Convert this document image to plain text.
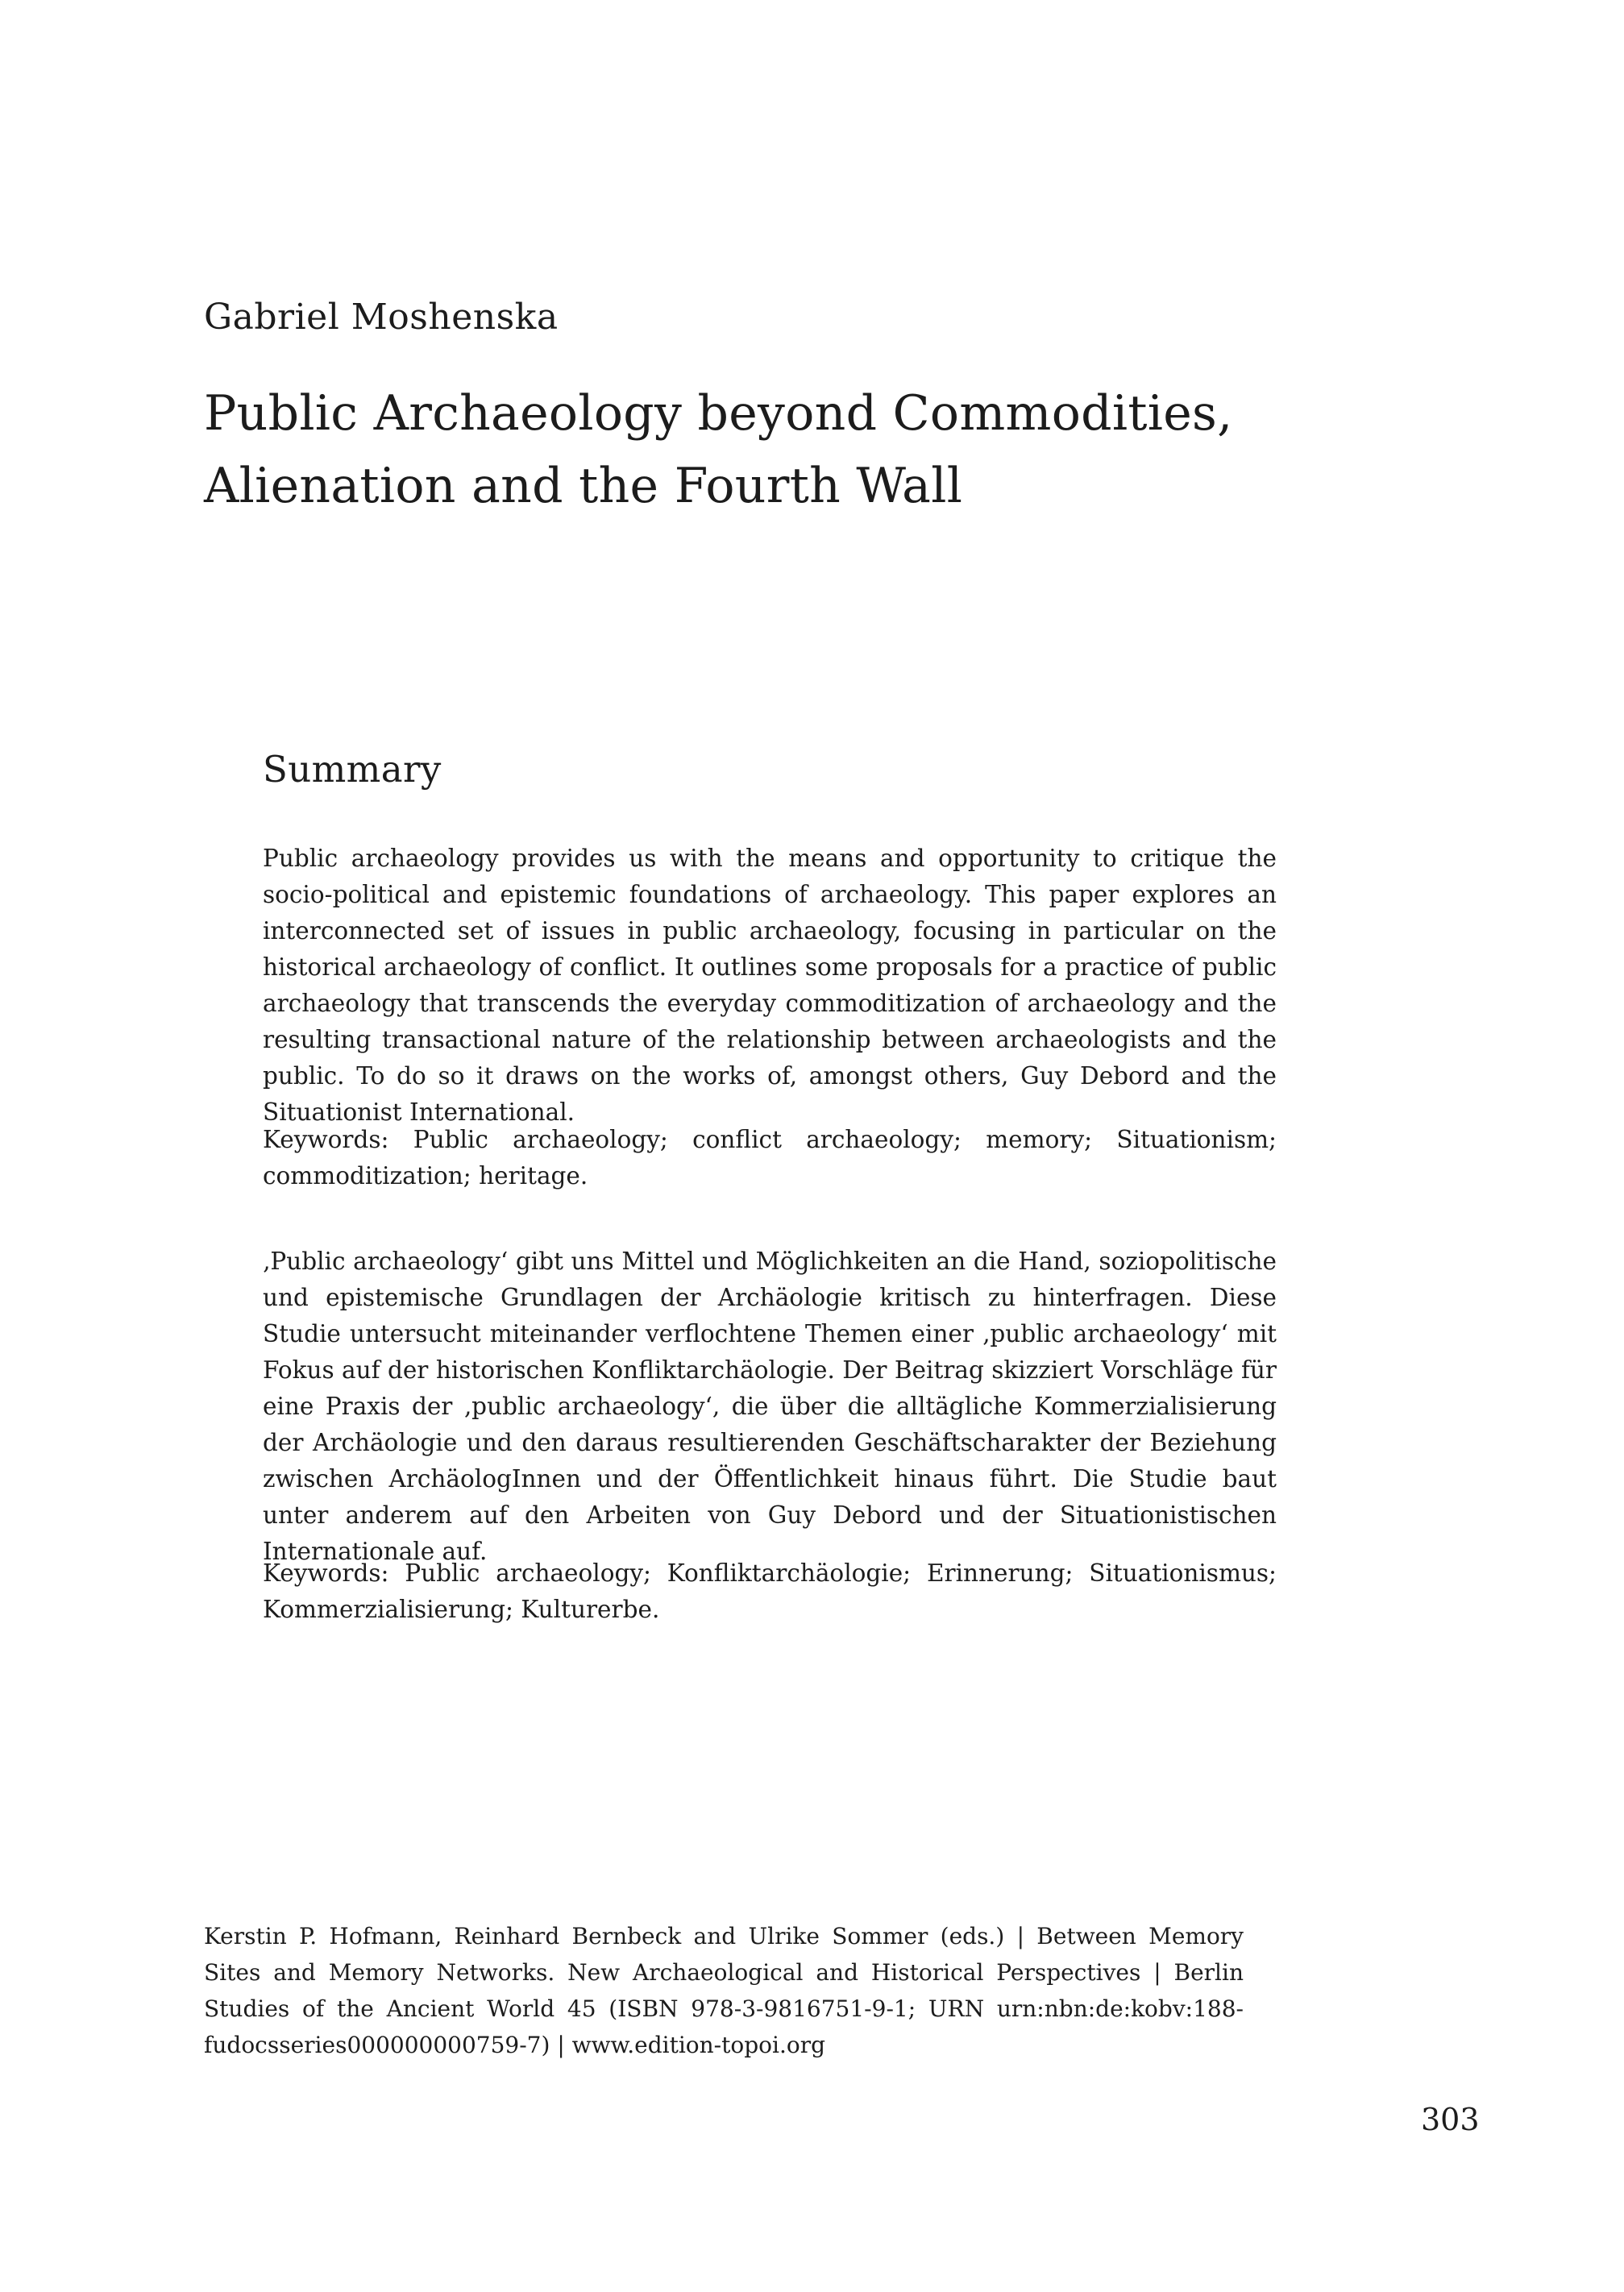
Gabriel Moshenska
Public Archaeology beyond Commodities, Alienation and the Fourth Wall
Summary

Public archaeology provides us with the means and opportunity to critique the socio-political and epistemic foundations of archaeology. This paper explores an interconnected set of issues in public archaeology, focusing in particular on the historical archaeology of conflict. It outlines some proposals for a practice of public archaeology that transcends the everyday commoditization of archaeology and the resulting transactional nature of the relationship between archaeologists and the public. To do so it draws on the works of, amongst others, Guy Debord and the Situationist International.

Keywords: Public archaeology; conflict archaeology; memory; Situationism; commoditization; heritage.

‚Public archaeology‘ gibt uns Mittel und Möglichkeiten an die Hand, soziopolitische und epistemische Grundlagen der Archäologie kritisch zu hinterfragen. Diese Studie untersucht miteinander verflochtene Themen einer ‚public archaeology‘ mit Fokus auf der historischen Konfliktarchäologie. Der Beitrag skizziert Vorschläge für eine Praxis der ‚public archaeology‘, die über die alltägliche Kommerzialisierung der Archäologie und den daraus resultierenden Geschäftscharakter der Beziehung zwischen ArchäologInnen und der Öffentlichkeit hinaus führt. Die Studie baut unter anderem auf den Arbeiten von Guy Debord und der Situationistischen Internationale auf.

Keywords: Public archaeology; Konfliktarchäologie; Erinnerung; Situationismus; Kommerzialisierung; Kulturerbe.

Kerstin P. Hofmann, Reinhard Bernbeck and Ulrike Sommer (eds.) | Between Memory Sites and Memory Networks. New Archaeological and Historical Perspectives | Berlin Studies of the Ancient World 45 (ISBN 978-3-9816751-9-1; URN urn:nbn:de:kobv:188-fudocsseries000000000759-7) | www.edition-topoi.org

303
